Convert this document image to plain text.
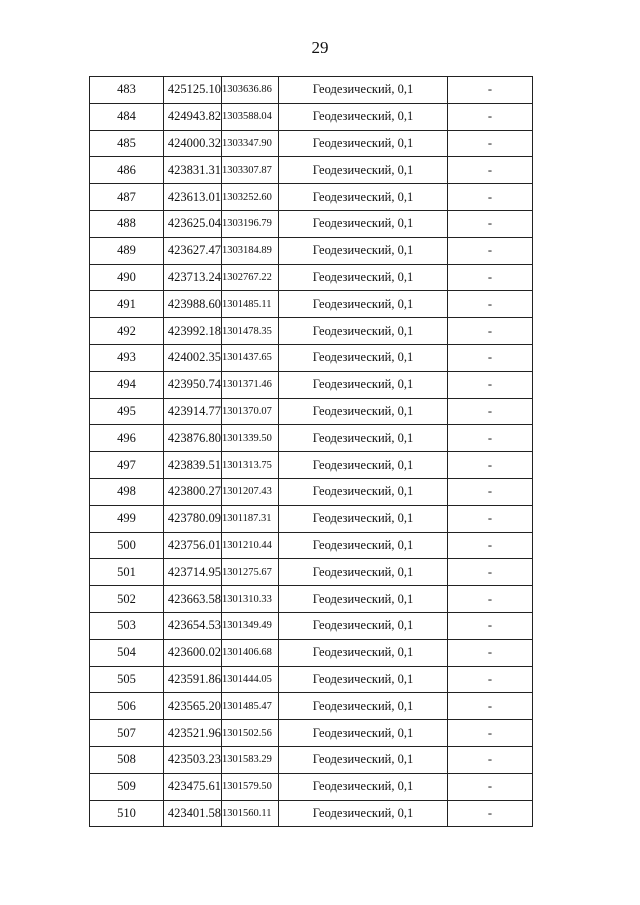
29
483	425125.10	1303636.86	Геодезический, 0,1	-
484	424943.82	1303588.04	Геодезический, 0,1	-
485	424000.32	1303347.90	Геодезический, 0,1	-
486	423831.31	1303307.87	Геодезический, 0,1	-
487	423613.01	1303252.60	Геодезический, 0,1	-
488	423625.04	1303196.79	Геодезический, 0,1	-
489	423627.47	1303184.89	Геодезический, 0,1	-
490	423713.24	1302767.22	Геодезический, 0,1	-
491	423988.60	1301485.11	Геодезический, 0,1	-
492	423992.18	1301478.35	Геодезический, 0,1	-
493	424002.35	1301437.65	Геодезический, 0,1	-
494	423950.74	1301371.46	Геодезический, 0,1	-
495	423914.77	1301370.07	Геодезический, 0,1	-
496	423876.80	1301339.50	Геодезический, 0,1	-
497	423839.51	1301313.75	Геодезический, 0,1	-
498	423800.27	1301207.43	Геодезический, 0,1	-
499	423780.09	1301187.31	Геодезический, 0,1	-
500	423756.01	1301210.44	Геодезический, 0,1	-
501	423714.95	1301275.67	Геодезический, 0,1	-
502	423663.58	1301310.33	Геодезический, 0,1	-
503	423654.53	1301349.49	Геодезический, 0,1	-
504	423600.02	1301406.68	Геодезический, 0,1	-
505	423591.86	1301444.05	Геодезический, 0,1	-
506	423565.20	1301485.47	Геодезический, 0,1	-
507	423521.96	1301502.56	Геодезический, 0,1	-
508	423503.23	1301583.29	Геодезический, 0,1	-
509	423475.61	1301579.50	Геодезический, 0,1	-
510	423401.58	1301560.11	Геодезический, 0,1	-
